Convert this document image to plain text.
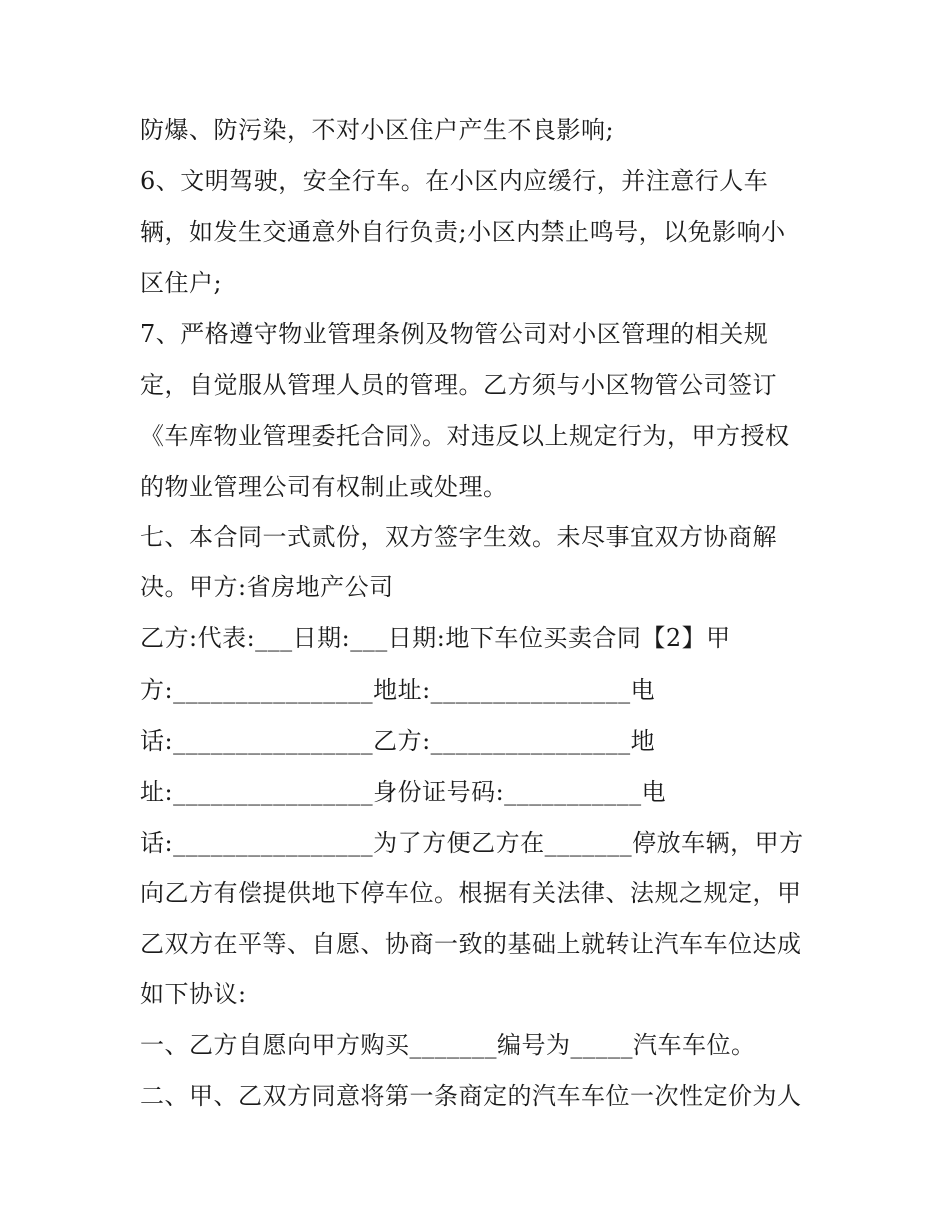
防爆、防污染，不对小区住户产生不良影响;
6、文明驾驶，安全行车。在小区内应缓行，并注意行人车
辆，如发生交通意外自行负责;小区内禁止鸣号，以免影响小
区住户;
7、严格遵守物业管理条例及物管公司对小区管理的相关规
定，自觉服从管理人员的管理。乙方须与小区物管公司签订
《车库物业管理委托合同》。对违反以上规定行为，甲方授权
的物业管理公司有权制止或处理。
七、本合同一式贰份，双方签字生效。未尽事宜双方协商解
决。甲方:省房地产公司
乙方:代表:___日期:___日期:地下车位买卖合同【2】甲
方:________________地址:________________电
话:________________乙方:________________地
址:________________身份证号码:___________电
话:________________为了方便乙方在_______停放车辆，甲方
向乙方有偿提供地下停车位。根据有关法律、法规之规定，甲
乙双方在平等、自愿、协商一致的基础上就转让汽车车位达成
如下协议:
一、乙方自愿向甲方购买_______编号为_____汽车车位。
二、甲、乙双方同意将第一条商定的汽车车位一次性定价为人
